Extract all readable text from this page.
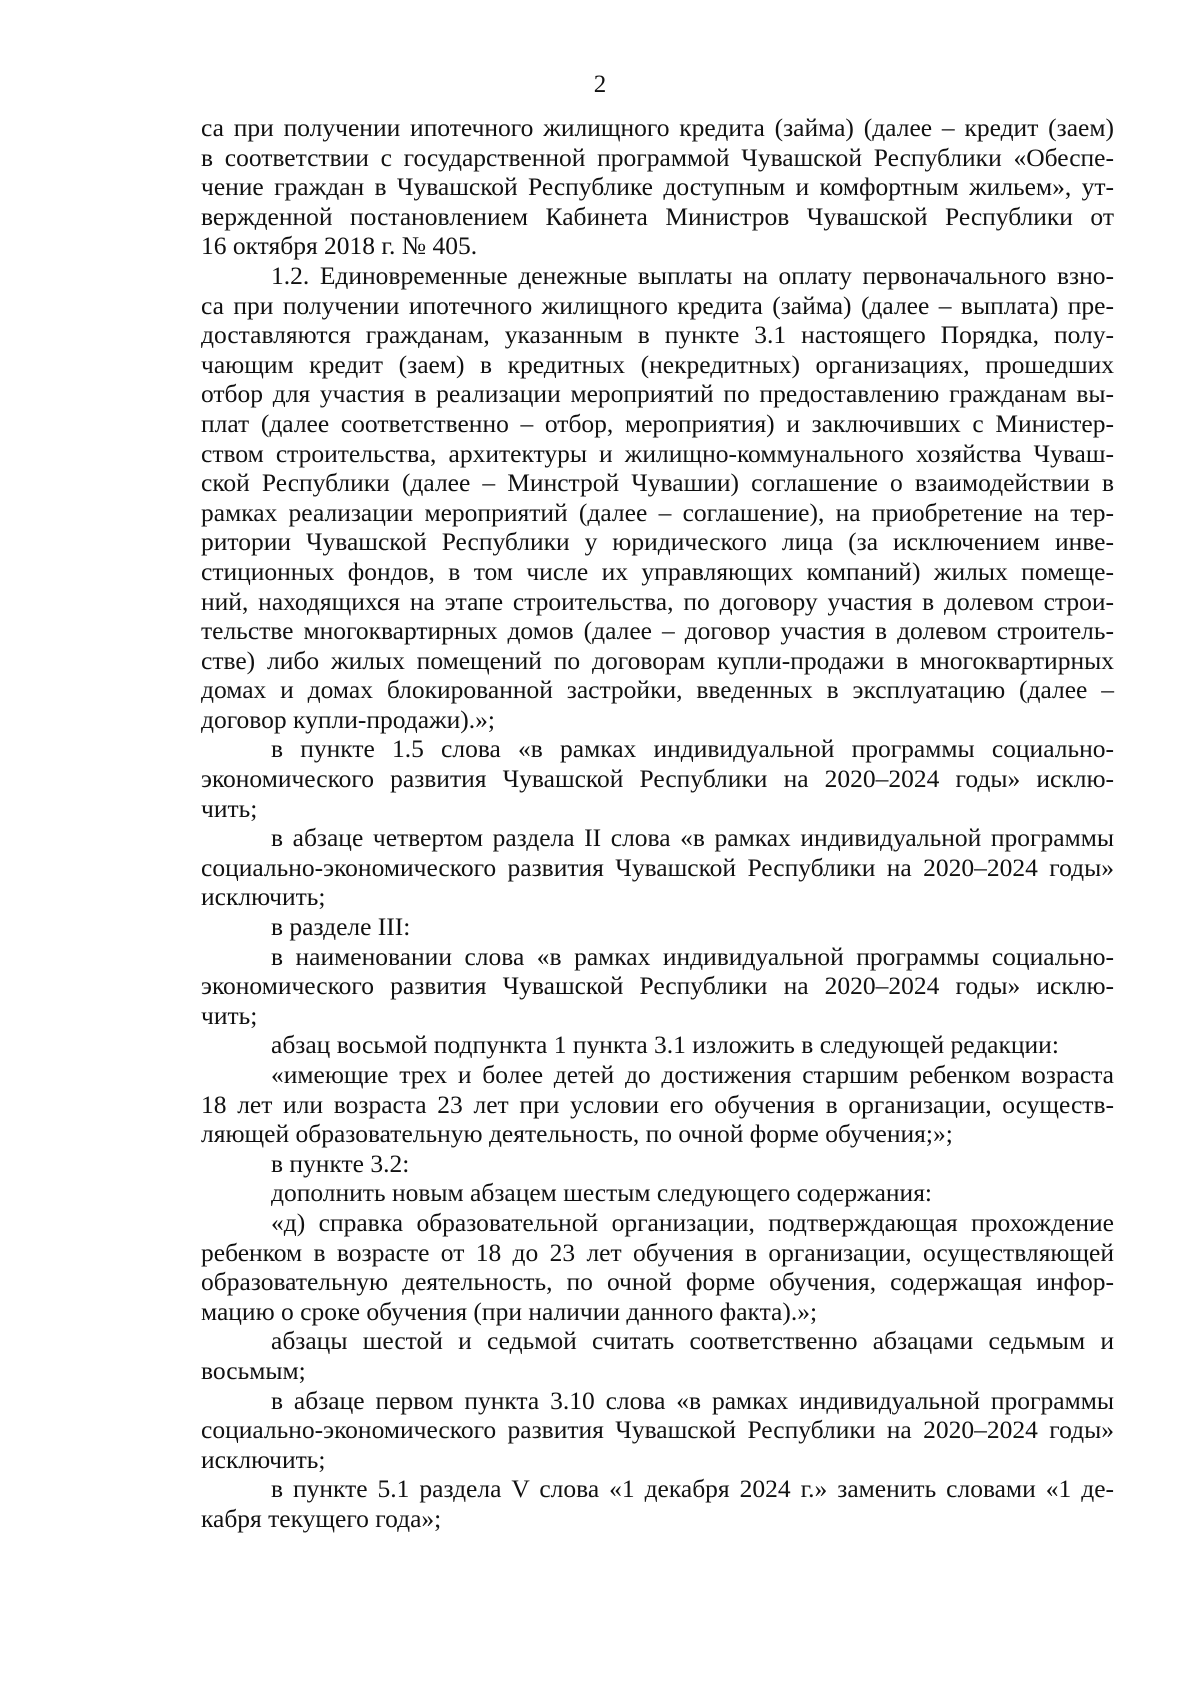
2
са при получении ипотечного жилищного кредита (займа) (далее – кредит (заем)
в соответствии с государственной программой Чувашской Республики «Обеспе-
чение граждан в Чувашской Республике доступным и комфортным жильем», ут-
вержденной постановлением Кабинета Министров Чувашской Республики от
16 октября 2018 г. № 405.
1.2. Единовременные денежные выплаты на оплату первоначального взно-
са при получении ипотечного жилищного кредита (займа) (далее – выплата) пре-
доставляются гражданам, указанным в пункте 3.1 настоящего Порядка, полу-
чающим кредит (заем) в кредитных (некредитных) организациях, прошедших
отбор для участия в реализации мероприятий по предоставлению гражданам вы-
плат (далее соответственно – отбор, мероприятия) и заключивших с Министер-
ством строительства, архитектуры и жилищно-коммунального хозяйства Чуваш-
ской Республики (далее – Минстрой Чувашии) соглашение о взаимодействии в
рамках реализации мероприятий (далее – соглашение), на приобретение на тер-
ритории Чувашской Республики у юридического лица (за исключением инве-
стиционных фондов, в том числе их управляющих компаний) жилых помеще-
ний, находящихся на этапе строительства, по договору участия в долевом строи-
тельстве многоквартирных домов (далее – договор участия в долевом строитель-
стве) либо жилых помещений по договорам купли-продажи в многоквартирных
домах и домах блокированной застройки, введенных в эксплуатацию (далее –
договор купли-продажи).»;
в пункте 1.5 слова «в рамках индивидуальной программы социально-
экономического развития Чувашской Республики на 2020–2024 годы» исклю-
чить;
в абзаце четвертом раздела II слова «в рамках индивидуальной программы
социально-экономического развития Чувашской Республики на 2020–2024 годы»
исключить;
в разделе III:
в наименовании слова «в рамках индивидуальной программы социально-
экономического развития Чувашской Республики на 2020–2024 годы» исклю-
чить;
абзац восьмой подпункта 1 пункта 3.1 изложить в следующей редакции:
«имеющие трех и более детей до достижения старшим ребенком возраста
18 лет или возраста 23 лет при условии его обучения в организации, осуществ-
ляющей образовательную деятельность, по очной форме обучения;»;
в пункте 3.2:
дополнить новым абзацем шестым следующего содержания:
«д) справка образовательной организации, подтверждающая прохождение
ребенком в возрасте от 18 до 23 лет обучения в организации, осуществляющей
образовательную деятельность, по очной форме обучения, содержащая инфор-
мацию о сроке обучения (при наличии данного факта).»;
абзацы шестой и седьмой считать соответственно абзацами седьмым и
восьмым;
в абзаце первом пункта 3.10 слова «в рамках индивидуальной программы
социально-экономического развития Чувашской Республики на 2020–2024 годы»
исключить;
в пункте 5.1 раздела V слова «1 декабря 2024 г.» заменить словами «1 де-
кабря текущего года»;
